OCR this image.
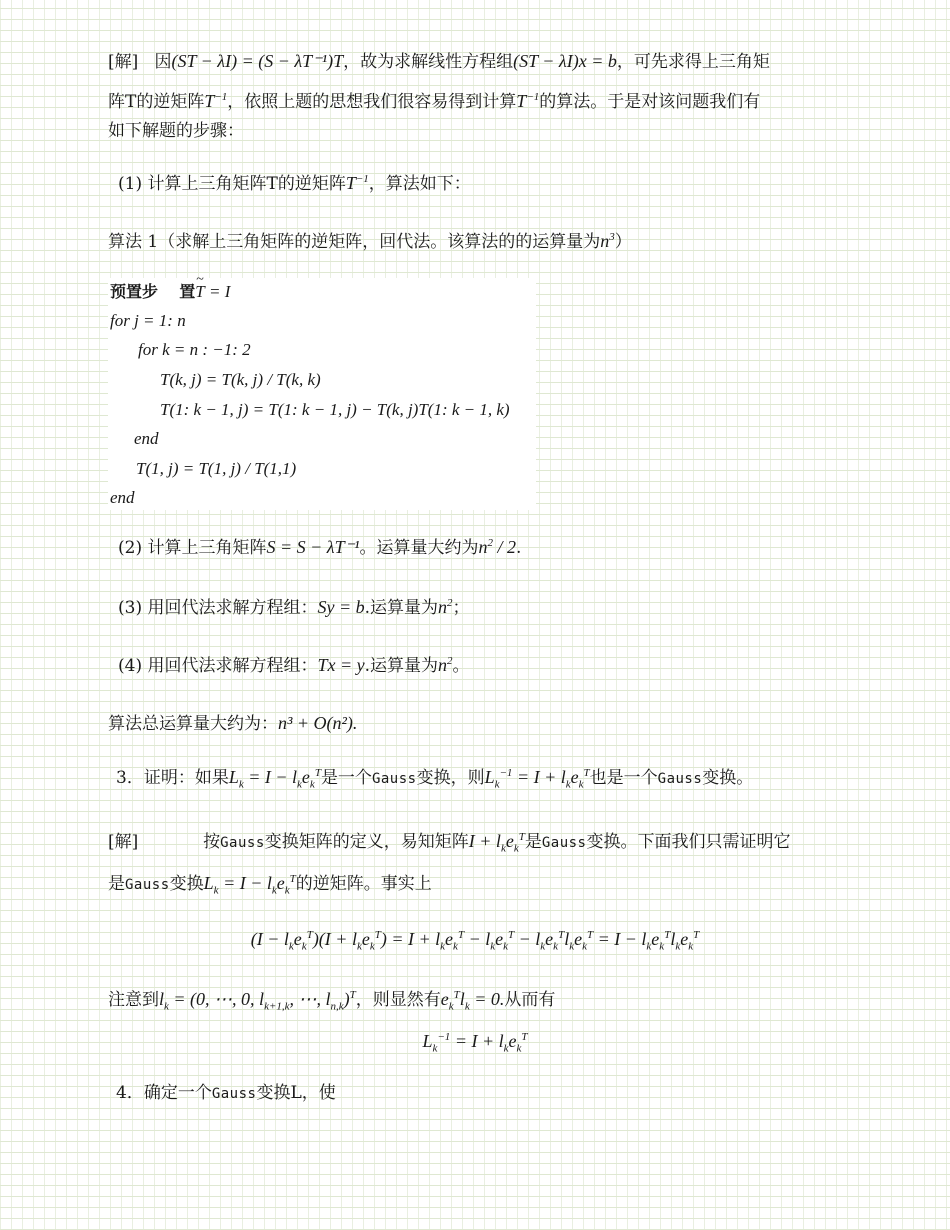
[解] 因(ST − λI) = (S − λT⁻¹)T，故为求解线性方程组(ST − λI)x = b，可先求得上三角矩
阵T的逆矩阵$T^{-1}$，依照上题的思想我们很容易得到计算$T^{-1}$的算法。于是对该问题我们有
如下解题的步骤：
(1) 计算上三角矩阵T的逆矩阵$T^{-1}$，算法如下：
算法 1（求解上三角矩阵的逆矩阵，回代法。该算法的的运算量为$n^3$）
预置步 置T ~ = I
for j = 1: n
for k = n : −1: 2
T(k, j) = T(k, j) / T(k, k)
T(1: k − 1, j) = T(1: k − 1, j) − T(k, j)T(1: k − 1, k)
end
T(1, j) = T(1, j) / T(1,1)
end
(2) 计算上三角矩阵S = S − λT⁻¹。运算量大约为$n^2 / 2$.
(3) 用回代法求解方程组：Sy = b.运算量为$n^2$；
(4) 用回代法求解方程组：Tx = y.运算量为$n^2$。
算法总运算量大约为：n³ + O(n²).
3．证明：如果$L_k = I - l_ke_k^T$是一个Gauss变换，则$L_k^{-1} = I + l_ke_k^T$也是一个Gauss变换。
[解]	按Gauss变换矩阵的定义，易知矩阵$I + l_ke_k^T$是Gauss变换。下面我们只需证明它
是Gauss变换$L_k = I - l_ke_k^T$的逆矩阵。事实上
$(I - l_ke_k^T)(I + l_ke_k^T) = I + l_ke_k^T - l_ke_k^T - l_ke_k^Tl_ke_k^T = I - l_ke_k^Tl_ke_k^T$
注意到$l_k = (0$, ⋯, 0, $l_{k+1,k}$, ⋯, $l_{n,k})^T$，则显然有$e_k^Tl_k = 0$.从而有
$L_k^{-1} = I + l_ke_k^T$
4．确定一个Gauss变换L，使
